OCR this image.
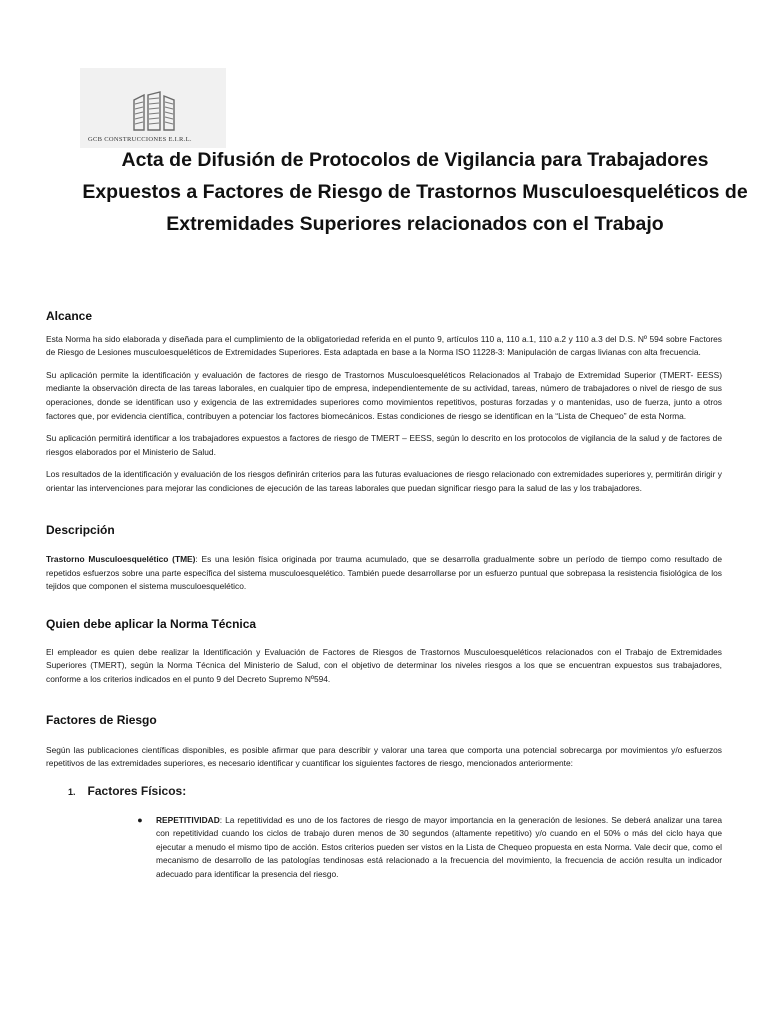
GCB CONSTRUCCIONES E.I.R.L.
Acta de Difusión de Protocolos de Vigilancia para Trabajadores Expuestos a Factores de Riesgo de Trastornos Musculoesqueléticos de Extremidades Superiores relacionados con el Trabajo
Alcance

Esta Norma ha sido elaborada y diseñada para el cumplimiento de la obligatoriedad referida en el punto 9, artículos 110 a, 110 a.1, 110 a.2 y 110 a.3 del D.S. Nº 594 sobre Factores de Riesgo de Lesiones musculoesqueléticos de Extremidades Superiores. Esta adaptada en base a la Norma ISO 11228-3: Manipulación de cargas livianas con alta frecuencia.

Su aplicación permite la identificación y evaluación de factores de riesgo de Trastornos Musculoesqueléticos Relacionados al Trabajo de Extremidad Superior (TMERT- EESS) mediante la observación directa de las tareas laborales, en cualquier tipo de empresa, independientemente de su actividad, tareas, número de trabajadores o nivel de riesgo de sus operaciones, donde se identifican uso y exigencia de las extremidades superiores como movimientos repetitivos, posturas forzadas y o mantenidas, uso de fuerza, junto a otros factores que, por evidencia científica, contribuyen a potenciar los factores biomecánicos. Estas condiciones de riesgo se identifican en la “Lista de Chequeo” de esta Norma.

Su aplicación permitirá identificar a los trabajadores expuestos a factores de riesgo de TMERT – EESS, según lo descrito en los protocolos de vigilancia de la salud y de factores de riesgos elaborados por el Ministerio de Salud.

Los resultados de la identificación y evaluación de los riesgos definirán criterios para las futuras evaluaciones de riesgo relacionado con extremidades superiores y, permitirán dirigir y orientar las intervenciones para mejorar las condiciones de ejecución de las tareas laborales que puedan significar riesgo para la salud de las y los trabajadores.

Descripción

Trastorno Musculoesquelético (TME): Es una lesión física originada por trauma acumulado, que se desarrolla gradualmente sobre un período de tiempo como resultado de repetidos esfuerzos sobre una parte específica del sistema musculoesquelético. También puede desarrollarse por un esfuerzo puntual que sobrepasa la resistencia fisiológica de los tejidos que componen el sistema musculoesquelético.

Quien debe aplicar la Norma Técnica

El empleador es quien debe realizar la Identificación y Evaluación de Factores de Riesgos de Trastornos Musculoesqueléticos relacionados con el Trabajo de Extremidades Superiores (TMERT), según la Norma Técnica del Ministerio de Salud, con el objetivo de determinar los niveles riesgos a los que se encuentran expuestos sus trabajadores, conforme a los criterios indicados en el punto 9 del Decreto Supremo Nº594.

Factores de Riesgo

Según las publicaciones científicas disponibles, es posible afirmar que para describir y valorar una tarea que comporta una potencial sobrecarga por movimientos y/o esfuerzos repetitivos de las extremidades superiores, es necesario identificar y cuantificar los siguientes factores de riesgo, mencionados anteriormente:

1. Factores Físicos:
●	REPETITIVIDAD: La repetitividad es uno de los factores de riesgo de mayor importancia en la generación de lesiones. Se deberá analizar una tarea con repetitividad cuando los ciclos de trabajo duren menos de 30 segundos (altamente repetitivo) y/o cuando en el 50% o más del ciclo haya que ejecutar a menudo el mismo tipo de acción. Estos criterios pueden ser vistos en la Lista de Chequeo propuesta en esta Norma. Vale decir que, como el mecanismo de desarrollo de las patologías tendinosas está relacionado a la frecuencia del movimiento, la frecuencia de acción resulta un indicador adecuado para identificar la presencia del riesgo.
